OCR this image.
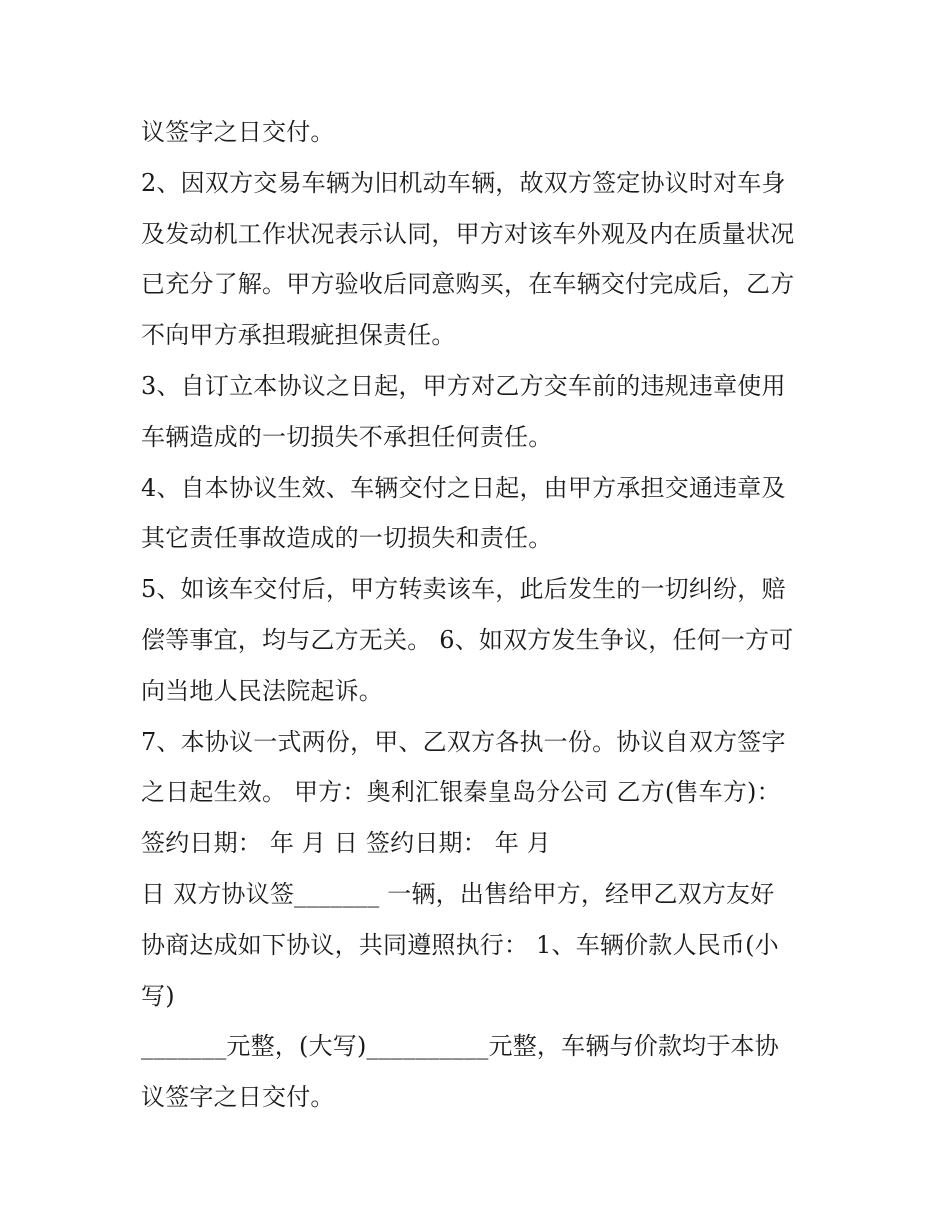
议签字之日交付。
2、因双方交易车辆为旧机动车辆，故双方签定协议时对车身
及发动机工作状况表示认同，甲方对该车外观及内在质量状况
已充分了解。甲方验收后同意购买，在车辆交付完成后，乙方
不向甲方承担瑕疵担保责任。
3、自订立本协议之日起，甲方对乙方交车前的违规违章使用
车辆造成的一切损失不承担任何责任。
4、自本协议生效、车辆交付之日起，由甲方承担交通违章及
其它责任事故造成的一切损失和责任。
5、如该车交付后，甲方转卖该车，此后发生的一切纠纷，赔
偿等事宜，均与乙方无关。 6、如双方发生争议，任何一方可
向当地人民法院起诉。
7、本协议一式两份，甲、乙双方各执一份。协议自双方签字
之日起生效。 甲方：奥利汇银秦皇岛分公司 乙方(售车方)：
签约日期： 年 月 日 签约日期： 年 月
日 双方协议签_______ 一辆，出售给甲方，经甲乙双方友好
协商达成如下协议，共同遵照执行： 1、车辆价款人民币(小
写)
_______元整，(大写)__________元整，车辆与价款均于本协
议签字之日交付。
